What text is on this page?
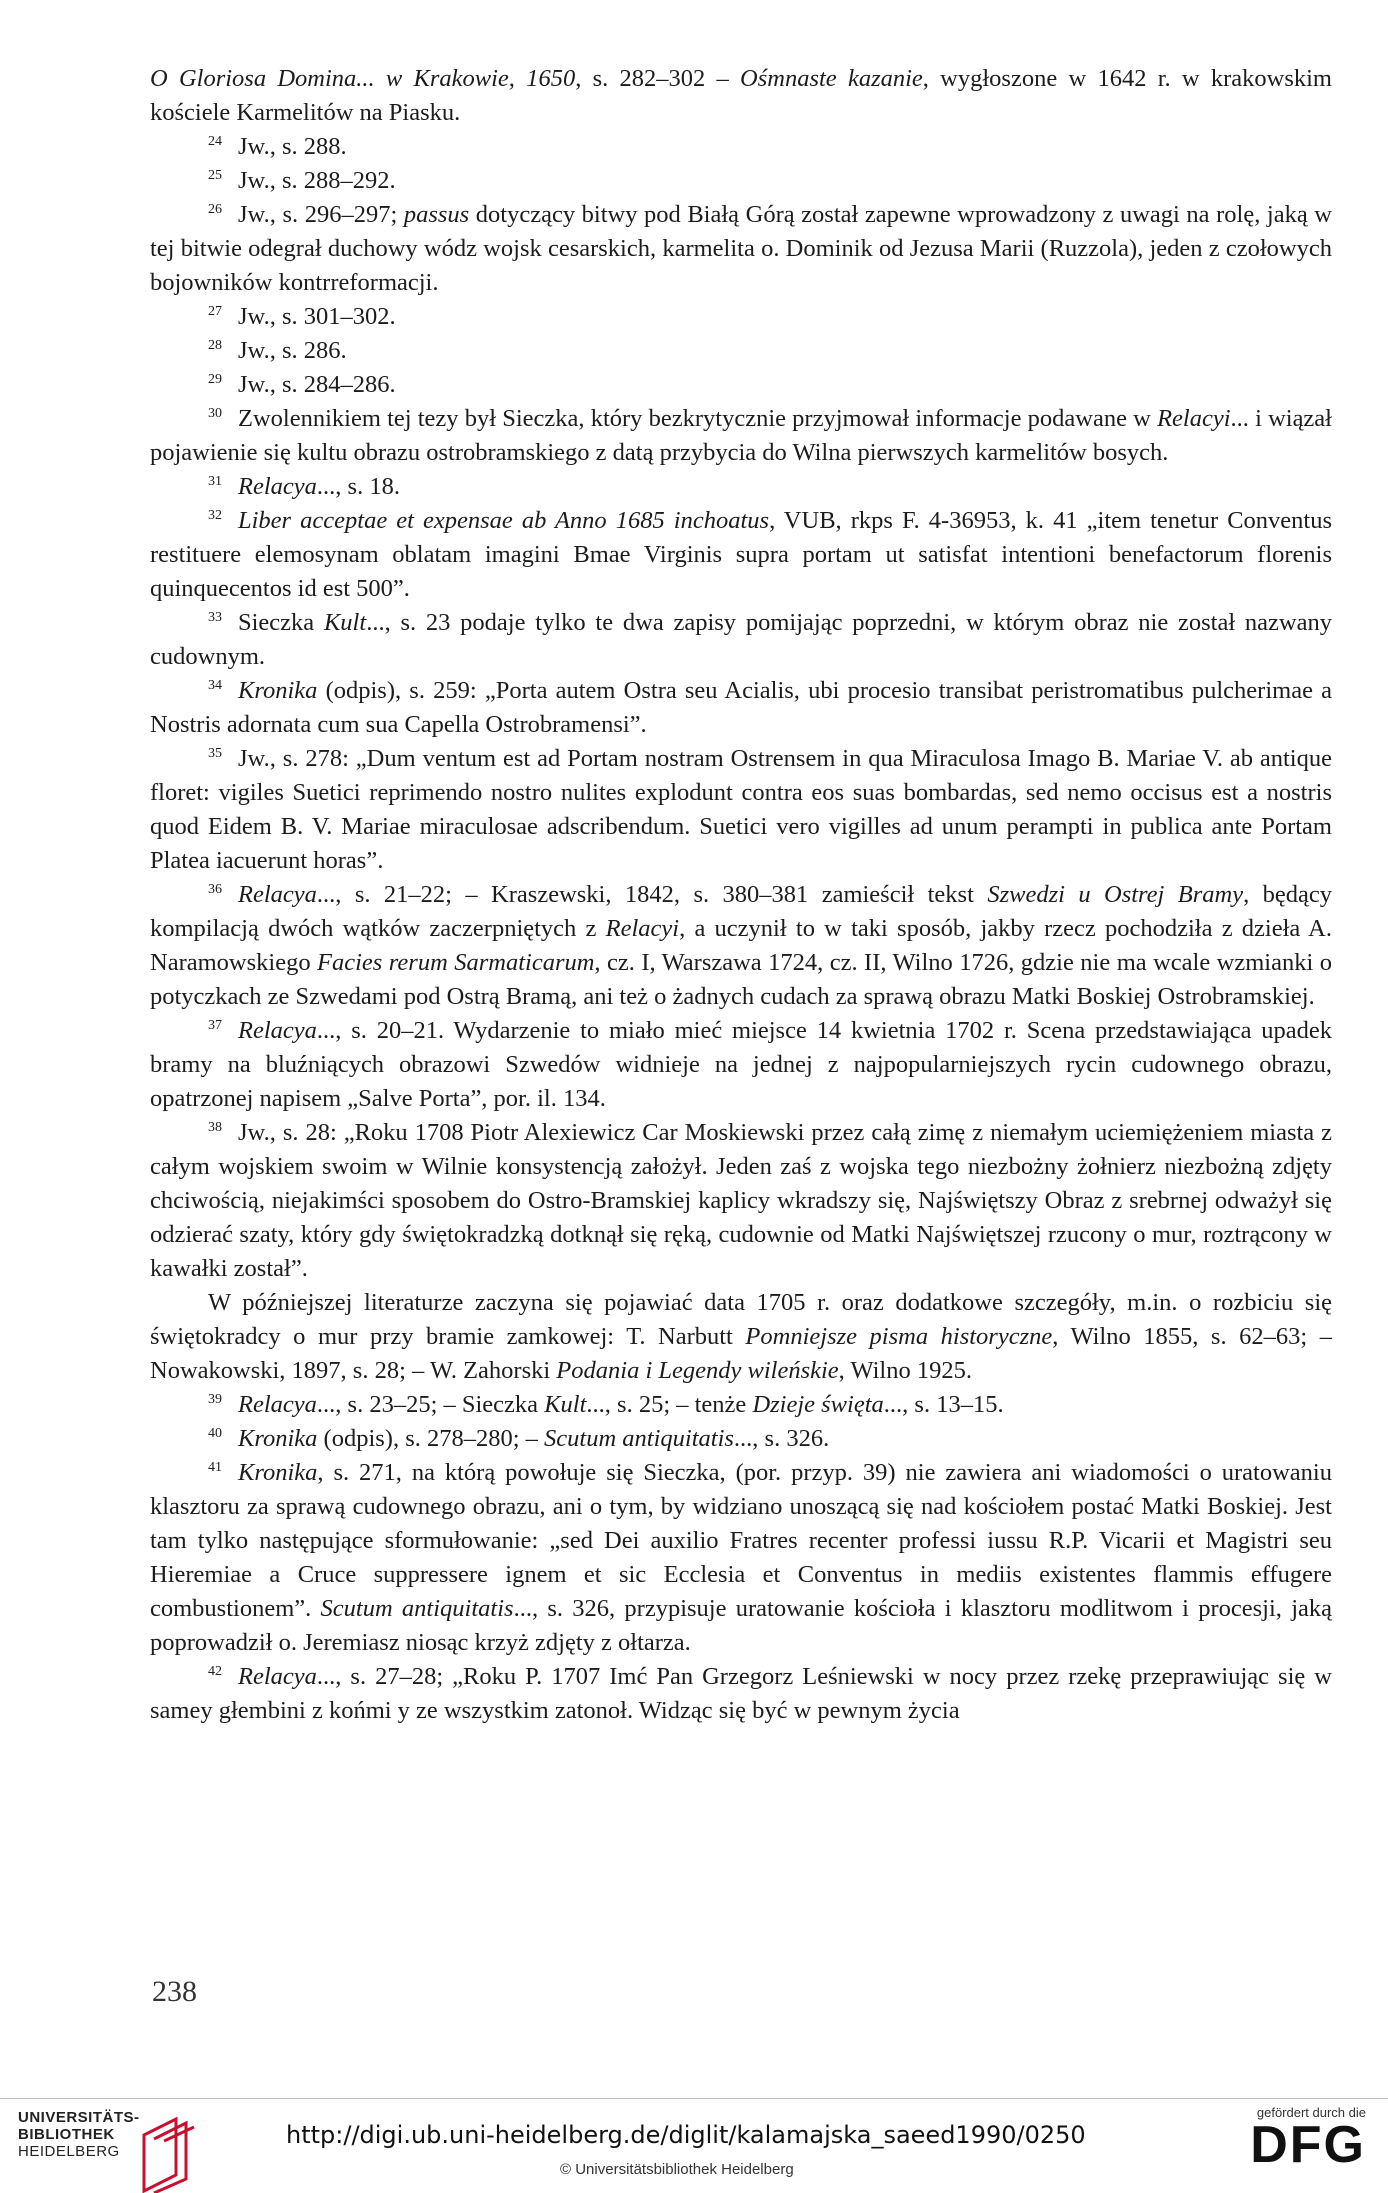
O Gloriosa Domina... w Krakowie, 1650, s. 282–302 – Ośmnaste kazanie, wygłoszone w 1642 r. w krakowskim kościele Karmelitów na Piasku.

24 Jw., s. 288.

25 Jw., s. 288–292.

26 Jw., s. 296–297; passus dotyczący bitwy pod Białą Górą został zapewne wprowadzony z uwagi na rolę, jaką w tej bitwie odegrał duchowy wódz wojsk cesarskich, karmelita o. Dominik od Jezusa Marii (Ruzzola), jeden z czołowych bojowników kontrreformacji.

27 Jw., s. 301–302.

28 Jw., s. 286.

29 Jw., s. 284–286.

30 Zwolennikiem tej tezy był Sieczka, który bezkrytycznie przyjmował informacje podawane w Relacyi... i wiązał pojawienie się kultu obrazu ostrobramskiego z datą przybycia do Wilna pierwszych karmelitów bosych.

31 Relacya..., s. 18.

32 Liber acceptae et expensae ab Anno 1685 inchoatus, VUB, rkps F. 4-36953, k. 41 „item tenetur Conventus restituere elemosynam oblatam imagini Bmae Virginis supra portam ut satisfat intentioni benefactorum florenis quinquecentos id est 500”.

33 Sieczka Kult..., s. 23 podaje tylko te dwa zapisy pomijając poprzedni, w którym obraz nie został nazwany cudownym.

34 Kronika (odpis), s. 259: „Porta autem Ostra seu Acialis, ubi procesio transibat peristromatibus pulcherimae a Nostris adornata cum sua Capella Ostrobramensi”.

35 Jw., s. 278: „Dum ventum est ad Portam nostram Ostrensem in qua Miraculosa Imago B. Mariae V. ab antique floret: vigiles Suetici reprimendo nostro nulites explodunt contra eos suas bombardas, sed nemo occisus est a nostris quod Eidem B. V. Mariae miraculosae adscribendum. Suetici vero vigilles ad unum perampti in publica ante Portam Platea iacuerunt horas”.

36 Relacya..., s. 21–22; – Kraszewski, 1842, s. 380–381 zamieścił tekst Szwedzi u Ostrej Bramy, będący kompilacją dwóch wątków zaczerpniętych z Relacyi, a uczynił to w taki sposób, jakby rzecz pochodziła z dzieła A. Naramowskiego Facies rerum Sarmaticarum, cz. I, Warszawa 1724, cz. II, Wilno 1726, gdzie nie ma wcale wzmianki o potyczkach ze Szwedami pod Ostrą Bramą, ani też o żadnych cudach za sprawą obrazu Matki Boskiej Ostrobramskiej.

37 Relacya..., s. 20–21. Wydarzenie to miało mieć miejsce 14 kwietnia 1702 r. Scena przedstawiająca upadek bramy na bluźniących obrazowi Szwedów widnieje na jednej z najpopularniejszych rycin cudownego obrazu, opatrzonej napisem „Salve Porta”, por. il. 134.

38 Jw., s. 28: „Roku 1708 Piotr Alexiewicz Car Moskiewski przez całą zimę z niemałym uciemiężeniem miasta z całym wojskiem swoim w Wilnie konsystencją założył. Jeden zaś z wojska tego niezbożny żołnierz niezbożną zdjęty chciwością, niejakimści sposobem do Ostro-Bramskiej kaplicy wkradszy się, Najświętszy Obraz z srebrnej odważył się odzierać szaty, który gdy świętokradzką dotknął się ręką, cudownie od Matki Najświętszej rzucony o mur, roztrącony w kawałki został”.

W późniejszej literaturze zaczyna się pojawiać data 1705 r. oraz dodatkowe szczegóły, m.in. o rozbiciu się świętokradcy o mur przy bramie zamkowej: T. Narbutt Pomniejsze pisma historyczne, Wilno 1855, s. 62–63; – Nowakowski, 1897, s. 28; – W. Zahorski Podania i Legendy wileńskie, Wilno 1925.

39 Relacya..., s. 23–25; – Sieczka Kult..., s. 25; – tenże Dzieje święta..., s. 13–15.

40 Kronika (odpis), s. 278–280; – Scutum antiquitatis..., s. 326.

41 Kronika, s. 271, na którą powołuje się Sieczka, (por. przyp. 39) nie zawiera ani wiadomości o uratowaniu klasztoru za sprawą cudownego obrazu, ani o tym, by widziano unoszącą się nad kościołem postać Matki Boskiej. Jest tam tylko następujące sformułowanie: „sed Dei auxilio Fratres recenter professi iussu R.P. Vicarii et Magistri seu Hieremiae a Cruce suppressere ignem et sic Ecclesia et Conventus in mediis existentes flammis effugere combustionem”. Scutum antiquitatis..., s. 326, przypisuje uratowanie kościoła i klasztoru modlitwom i procesji, jaką poprowadził o. Jeremiasz niosąc krzyż zdjęty z ołtarza.

42 Relacya..., s. 27–28; „Roku P. 1707 Imć Pan Grzegorz Leśniewski w nocy przez rzekę przeprawiując się w samey głembini z końmi y ze wszystkim zatonoł. Widząc się być w pewnym życia

238
UNIVERSITÄTS-
BIBLIOTHEK
HEIDELBERG
http://digi.ub.uni-heidelberg.de/diglit/kalamajska_saeed1990/0250
© Universitätsbibliothek Heidelberg
gefördert durch die
DFG
